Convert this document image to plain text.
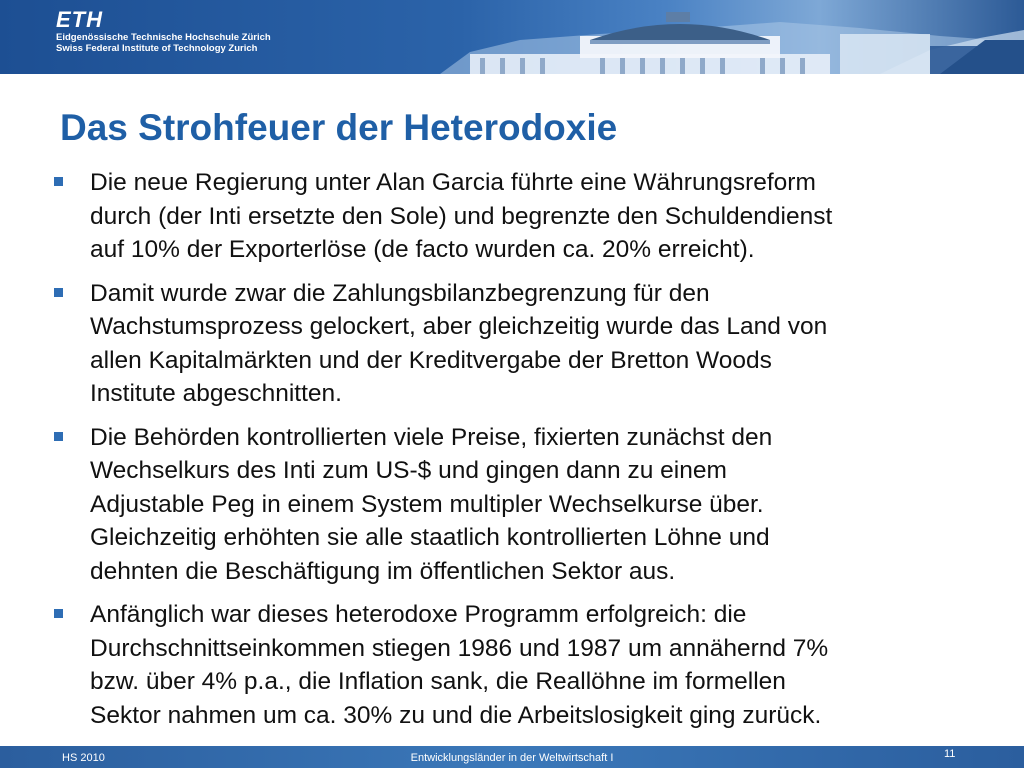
ETH
Eidgenössische Technische Hochschule Zürich
Swiss Federal Institute of Technology Zurich
Das Strohfeuer der Heterodoxie
Die neue Regierung unter Alan Garcia führte eine Währungsreform
durch (der Inti ersetzte den Sole) und begrenzte den Schuldendienst
auf 10% der Exporterlöse (de facto wurden ca. 20% erreicht).
Damit wurde zwar die Zahlungsbilanzbegrenzung für den
Wachstumsprozess gelockert, aber gleichzeitig wurde das Land von
allen Kapitalmärkten und der Kreditvergabe der Bretton Woods
Institute abgeschnitten.
Die Behörden kontrollierten viele Preise, fixierten zunächst den
Wechselkurs des Inti zum US-$ und gingen dann zu einem
Adjustable Peg in einem System multipler Wechselkurse über.
Gleichzeitig erhöhten sie alle staatlich kontrollierten Löhne und
dehnten die Beschäftigung im öffentlichen Sektor aus.
Anfänglich war dieses heterodoxe Programm erfolgreich: die
Durchschnittseinkommen stiegen 1986 und 1987 um annähernd 7%
bzw. über 4% p.a., die Inflation sank, die Reallöhne im formellen
Sektor nahmen um ca. 30% zu und die Arbeitslosigkeit ging zurück.
HS 2010	Entwicklungsländer in der Weltwirtschaft I	11
